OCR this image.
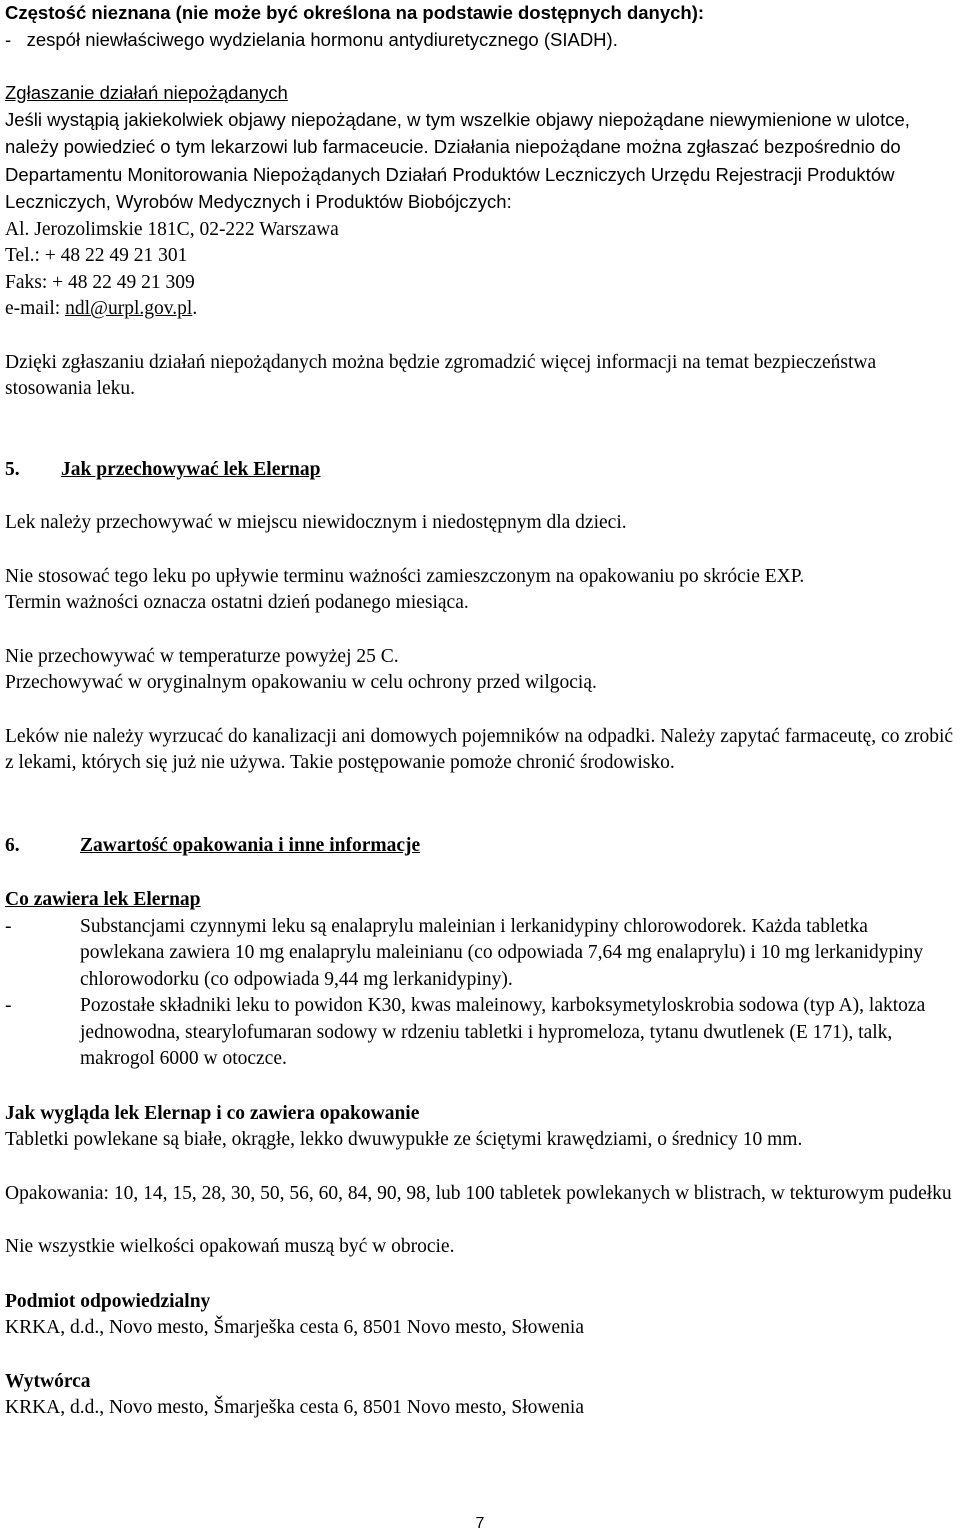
Częstość nieznana (nie może być określona na podstawie dostępnych danych):

-   zespół niewłaściwego wydzielania hormonu antydiuretycznego (SIADH).

Zgłaszanie działań niepożądanych

Jeśli wystąpią jakiekolwiek objawy niepożądane, w tym wszelkie objawy niepożądane niewymienione w ulotce, należy powiedzieć o tym lekarzowi lub farmaceucie. Działania niepożądane można zgłaszać bezpośrednio do Departamentu Monitorowania Niepożądanych Działań Produktów Leczniczych Urzędu Rejestracji Produktów Leczniczych, Wyrobów Medycznych i Produktów Biobójczych:

Al. Jerozolimskie 181C, 02-222 Warszawa

Tel.: + 48 22 49 21 301

Faks: + 48 22 49 21 309

e-mail: ndl@urpl.gov.pl.

Dzięki zgłaszaniu działań niepożądanych można będzie zgromadzić więcej informacji na temat bezpieczeństwa stosowania leku.

5.	Jak przechowywać lek Elernap

Lek należy przechowywać w miejscu niewidocznym i niedostępnym dla dzieci.

Nie stosować tego leku po upływie terminu ważności zamieszczonym na opakowaniu po skrócie EXP.

Termin ważności oznacza ostatni dzień podanego miesiąca.

Nie przechowywać w temperaturze powyżej 25 C.

Przechowywać w oryginalnym opakowaniu w celu ochrony przed wilgocią.

Leków nie należy wyrzucać do kanalizacji ani domowych pojemników na odpadki. Należy zapytać farmaceutę, co zrobić z lekami, których się już nie używa. Takie postępowanie pomoże chronić środowisko.

6.	Zawartość opakowania i inne informacje

Co zawiera lek Elernap

-	Substancjami czynnymi leku są enalaprylu maleinian i lerkanidypiny chlorowodorek. Każda tabletka powlekana zawiera 10 mg enalaprylu maleinianu (co odpowiada 7,64 mg enalaprylu) i 10 mg lerkanidypiny chlorowodorku (co odpowiada 9,44 mg lerkanidypiny).
-	Pozostałe składniki leku to powidon K30, kwas maleinowy, karboksymetyloskrobia sodowa (typ A), laktoza jednowodna, stearylofumaran sodowy w rdzeniu tabletki i hypromeloza, tytanu dwutlenek (E 171), talk, makrogol 6000 w otoczce.

Jak wygląda lek Elernap i co zawiera opakowanie

Tabletki powlekane są białe, okrągłe, lekko dwuwypukłe ze ściętymi krawędziami, o średnicy 10 mm.

Opakowania: 10, 14, 15, 28, 30, 50, 56, 60, 84, 90, 98, lub 100 tabletek powlekanych w blistrach, w tekturowym pudełku

Nie wszystkie wielkości opakowań muszą być w obrocie.

Podmiot odpowiedzialny

KRKA, d.d., Novo mesto, Šmarješka cesta 6, 8501 Novo mesto, Słowenia

Wytwórca

KRKA, d.d., Novo mesto, Šmarješka cesta 6, 8501 Novo mesto, Słowenia

7
